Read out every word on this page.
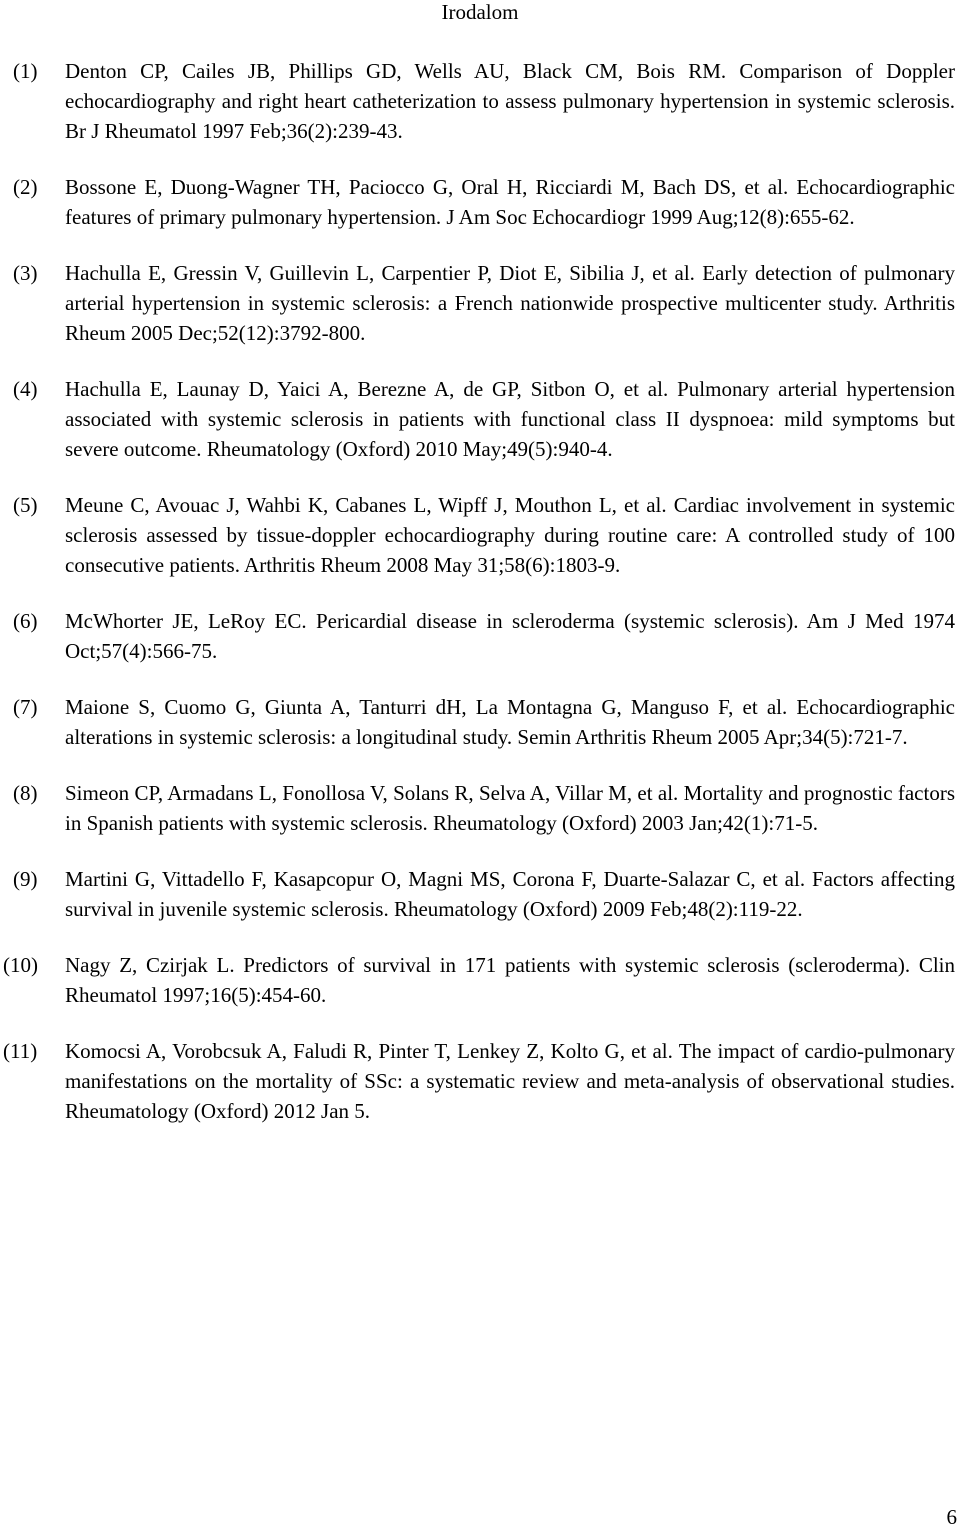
Irodalom
(1)	Denton CP, Cailes JB, Phillips GD, Wells AU, Black CM, Bois RM. Comparison of Doppler echocardiography and right heart catheterization to assess pulmonary hypertension in systemic sclerosis. Br J Rheumatol 1997 Feb;36(2):239-43.
(2)	Bossone E, Duong-Wagner TH, Paciocco G, Oral H, Ricciardi M, Bach DS, et al. Echocardiographic features of primary pulmonary hypertension. J Am Soc Echocardiogr 1999 Aug;12(8):655-62.
(3)	Hachulla E, Gressin V, Guillevin L, Carpentier P, Diot E, Sibilia J, et al. Early detection of pulmonary arterial hypertension in systemic sclerosis: a French nationwide prospective multicenter study. Arthritis Rheum 2005 Dec;52(12):3792-800.
(4)	Hachulla E, Launay D, Yaici A, Berezne A, de GP, Sitbon O, et al. Pulmonary arterial hypertension associated with systemic sclerosis in patients with functional class II dyspnoea: mild symptoms but severe outcome. Rheumatology (Oxford) 2010 May;49(5):940-4.
(5)	Meune C, Avouac J, Wahbi K, Cabanes L, Wipff J, Mouthon L, et al. Cardiac involvement in systemic sclerosis assessed by tissue-doppler echocardiography during routine care: A controlled study of 100 consecutive patients. Arthritis Rheum 2008 May 31;58(6):1803-9.
(6)	McWhorter JE, LeRoy EC. Pericardial disease in scleroderma (systemic sclerosis). Am J Med 1974 Oct;57(4):566-75.
(7)	Maione S, Cuomo G, Giunta A, Tanturri dH, La Montagna G, Manguso F, et al. Echocardiographic alterations in systemic sclerosis: a longitudinal study. Semin Arthritis Rheum 2005 Apr;34(5):721-7.
(8)	Simeon CP, Armadans L, Fonollosa V, Solans R, Selva A, Villar M, et al. Mortality and prognostic factors in Spanish patients with systemic sclerosis. Rheumatology (Oxford) 2003 Jan;42(1):71-5.
(9)	Martini G, Vittadello F, Kasapcopur O, Magni MS, Corona F, Duarte-Salazar C, et al. Factors affecting survival in juvenile systemic sclerosis. Rheumatology (Oxford) 2009 Feb;48(2):119-22.
(10)	Nagy Z, Czirjak L. Predictors of survival in 171 patients with systemic sclerosis (scleroderma). Clin Rheumatol 1997;16(5):454-60.
(11)	Komocsi A, Vorobcsuk A, Faludi R, Pinter T, Lenkey Z, Kolto G, et al. The impact of cardio-pulmonary manifestations on the mortality of SSc: a systematic review and meta-analysis of observational studies. Rheumatology (Oxford) 2012 Jan 5.
6
